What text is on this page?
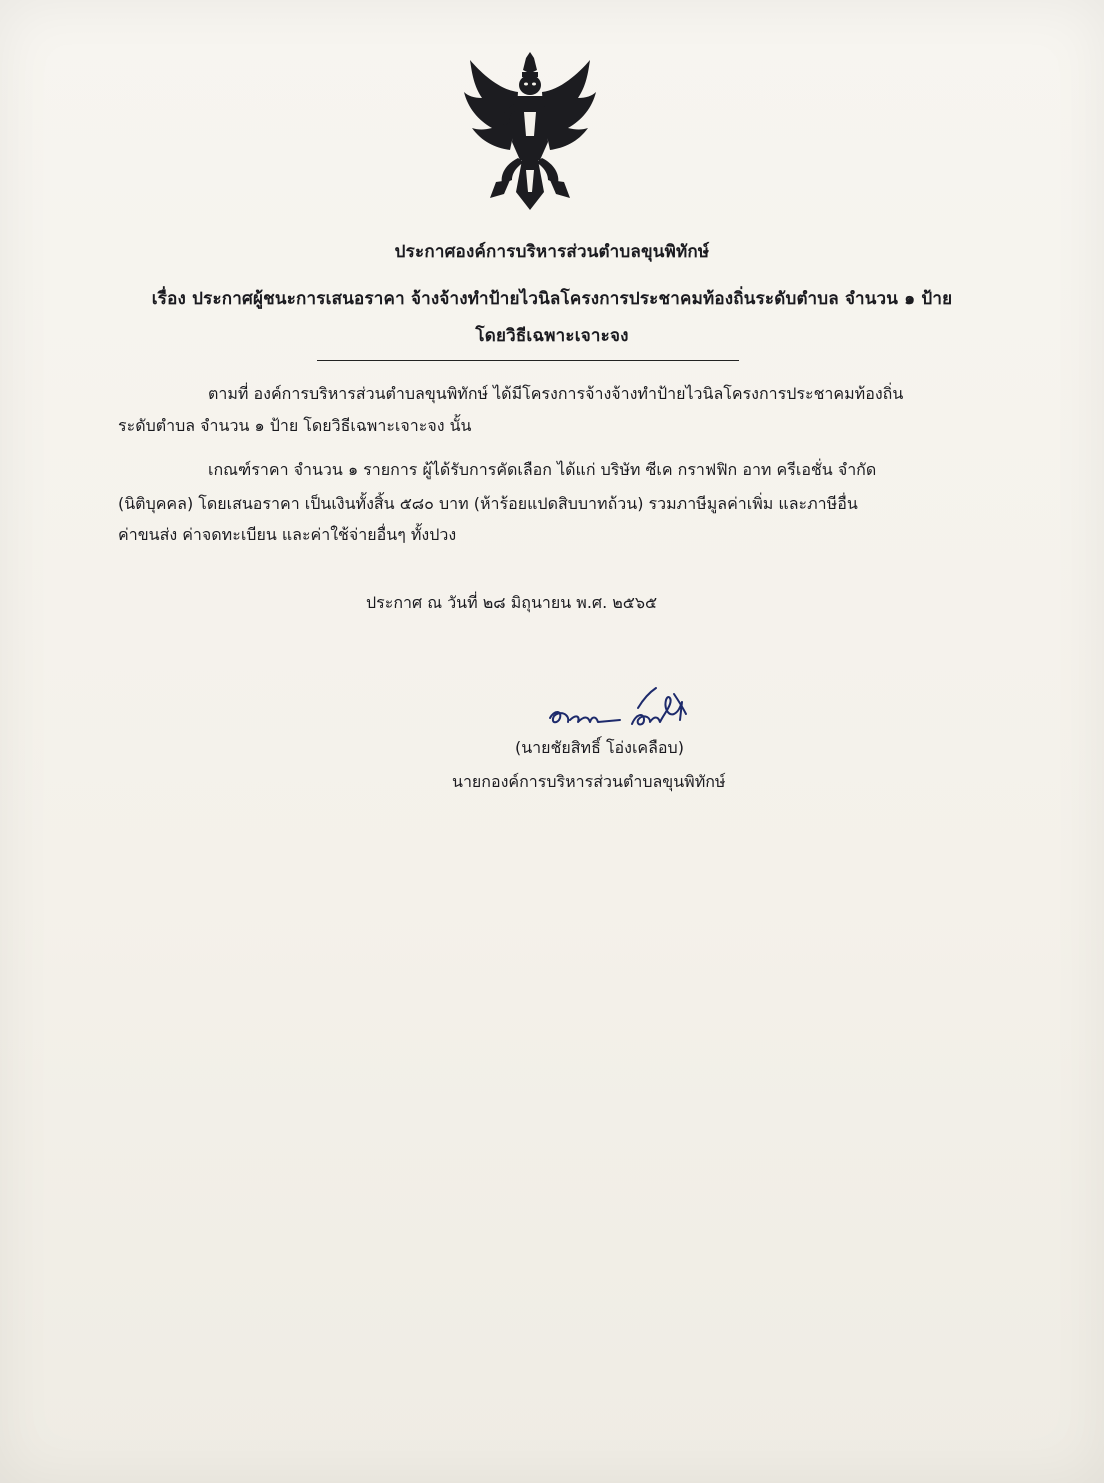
ประกาศองค์การบริหารส่วนตำบลขุนพิทักษ์
เรื่อง ประกาศผู้ชนะการเสนอราคา จ้างจ้างทำป้ายไวนิลโครงการประชาคมท้องถิ่นระดับตำบล จำนวน ๑ ป้าย
โดยวิธีเฉพาะเจาะจง
ตามที่ องค์การบริหารส่วนตำบลขุนพิทักษ์ ได้มีโครงการจ้างจ้างทำป้ายไวนิลโครงการประชาคมท้องถิ่น
ระดับตำบล จำนวน ๑ ป้าย โดยวิธีเฉพาะเจาะจง นั้น
เกณฑ์ราคา จำนวน ๑ รายการ ผู้ได้รับการคัดเลือก ได้แก่ บริษัท ซีเค กราฟฟิก อาท ครีเอชั่น จำกัด
(นิติบุคคล) โดยเสนอราคา เป็นเงินทั้งสิ้น ๕๘๐ บาท (ห้าร้อยแปดสิบบาทถ้วน) รวมภาษีมูลค่าเพิ่ม และภาษีอื่น
ค่าขนส่ง ค่าจดทะเบียน และค่าใช้จ่ายอื่นๆ ทั้งปวง
ประกาศ ณ วันที่ ๒๘ มิถุนายน พ.ศ. ๒๕๖๕
(นายชัยสิทธิ์ โอ่งเคลือบ)
นายกองค์การบริหารส่วนตำบลขุนพิทักษ์
